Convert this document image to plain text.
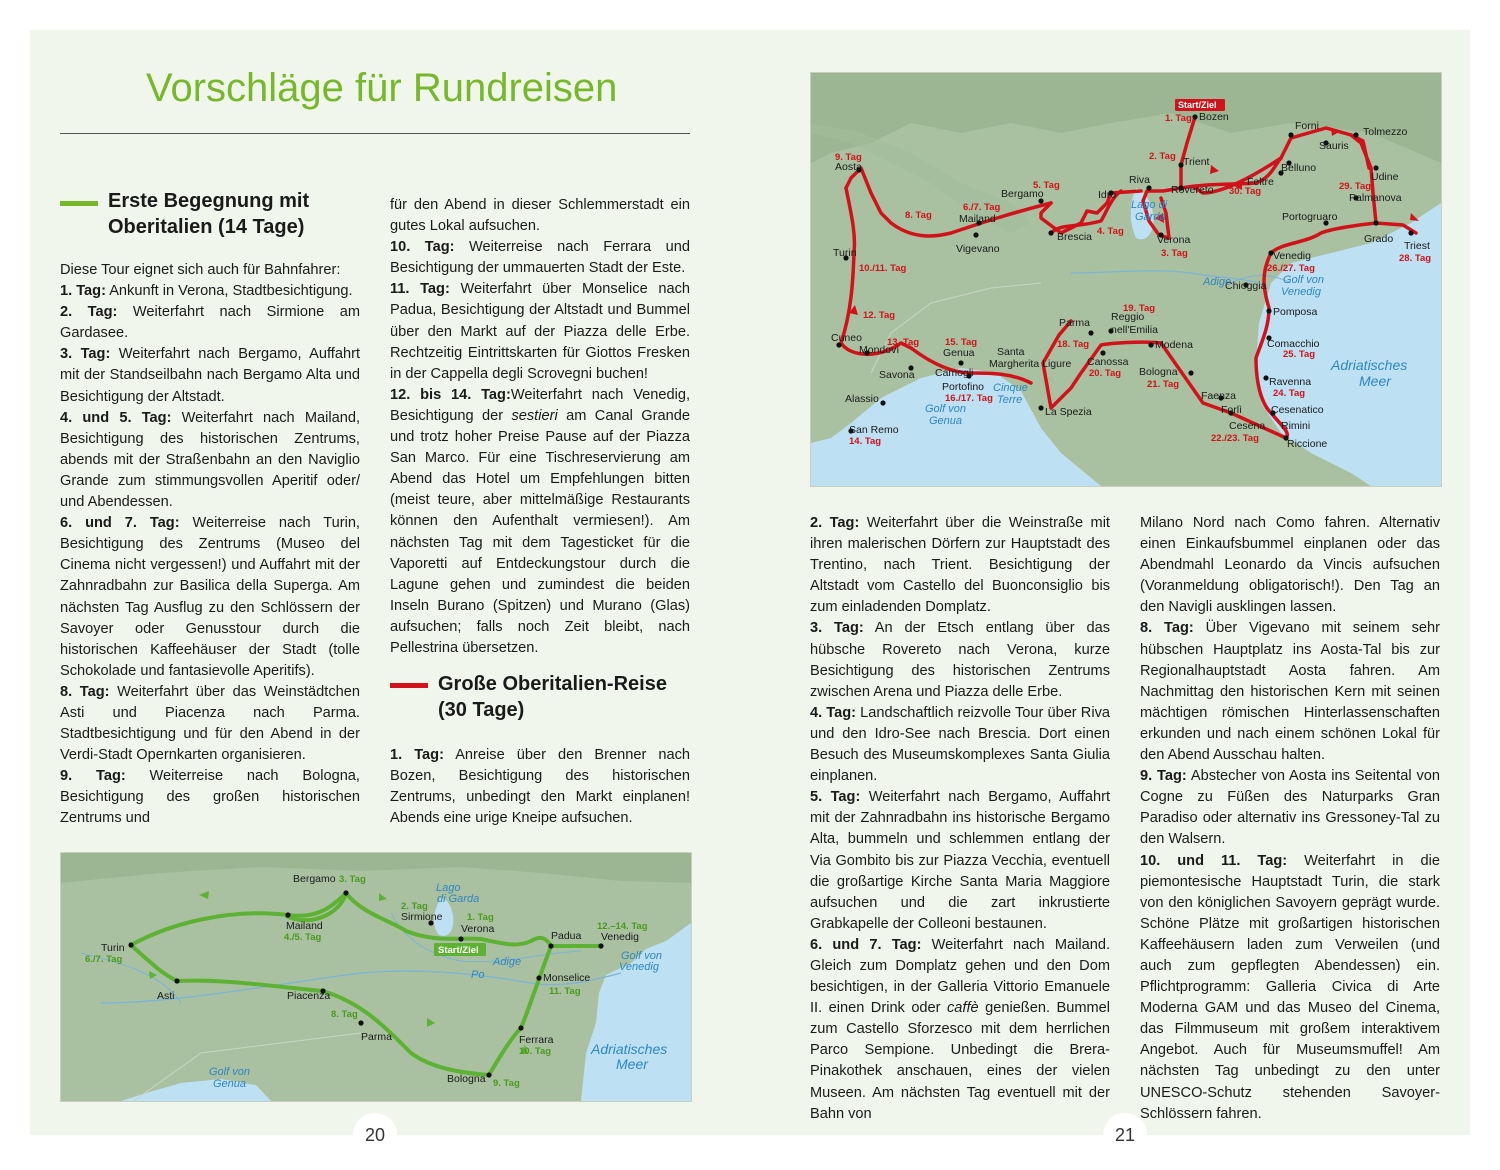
Vorschläge für Rundreisen
Erste Begegnung mit
Oberitalien (14 Tage)

Diese Tour eignet sich auch für Bahnfahrer:

1. Tag: Ankunft in Verona, Stadtbesichtigung.

2. Tag: Weiterfahrt nach Sirmione am Gardasee.

3. Tag: Weiterfahrt nach Bergamo, Auffahrt mit der Standseilbahn nach Bergamo Alta und Besichtigung der Altstadt.

4. und 5. Tag: Weiterfahrt nach Mailand, Besichtigung des historischen Zentrums, abends mit der Straßenbahn an den Naviglio Grande zum stimmungsvollen Aperitif oder/ und Abendessen.

6. und 7. Tag: Weiterreise nach Turin, Besichtigung des Zentrums (Museo del Cinema nicht vergessen!) und Auffahrt mit der Zahnradbahn zur Basilica della Superga. Am nächsten Tag Ausflug zu den Schlössern der Savoyer oder Genusstour durch die historischen Kaffeehäuser der Stadt (tolle Schokolade und fantasievolle Aperitifs).

8. Tag: Weiterfahrt über das Weinstädtchen Asti und Piacenza nach Parma. Stadtbesichtigung und für den Abend in der Verdi-Stadt Opernkarten organisieren.

9. Tag: Weiterreise nach Bologna, Besichtigung des großen historischen Zentrums und

für den Abend in dieser Schlemmerstadt ein gutes Lokal aufsuchen.

10. Tag: Weiterreise nach Ferrara und Besichtigung der ummauerten Stadt der Este.

11. Tag: Weiterfahrt über Monselice nach Padua, Besichtigung der Altstadt und Bummel über den Markt auf der Piazza delle Erbe. Rechtzeitig Eintrittskarten für Giottos Fresken in der Cappella degli Scrovegni buchen!

12. bis 14. Tag:Weiterfahrt nach Venedig, Besichtigung der sestieri am Canal Grande und trotz hoher Preise Pause auf der Piazza San Marco. Für eine Tischreservierung am Abend das Hotel um Empfehlungen bitten (meist teure, aber mittelmäßige Restaurants können den Aufenthalt vermiesen!). Am nächsten Tag mit dem Tagesticket für die Vaporetti auf Entdeckungstour durch die Lagune gehen und zumindest die beiden Inseln Burano (Spitzen) und Murano (Glas) aufsuchen; falls noch Zeit bleibt, nach Pellestrina übersetzen.

Große Oberitalien-Reise
(30 Tage)

1. Tag: Anreise über den Brenner nach Bozen, Besichtigung des historischen Zentrums, unbedingt den Markt einplanen! Abends eine urige Kneipe aufsuchen.

Turin
6./7. Tag
Asti	Piacenza
8. Tag
Parma
Bologna 9. Tag
Ferrara
10. Tag
Monselice
11. Tag
Padua Venedig
12.–14. Tag
Start/Ziel
Verona
1. Tag
Sirmione
2. Tag
Bergamo 3. Tag
Mailand
4./5. Tag
Lago
di Garda
Golf von
Venedig
Golf von
Genua
Adriatisches
Meer
Po
Adige
20
Start/Ziel
Bozen
1. Tag
Trient
2. Tag
Rovereto
Riva
Idro
Verona
3. Tag
Brescia 4. Tag
Bergamo
5. Tag
Mailand
6./7. Tag
Vigevano
Aosta
9. Tag
8. Tag
Turin
10./11. Tag
12. Tag
Cuneo
Mondovì
13. Tag
Savona
Alassio
San Remo
14. Tag
Genua
15. Tag
Camogli
Portofino
16./17. Tag
Santa
Margherita Ligure
La Spezia
18. Tag
Parma Reggio
nell'Emilia
19. Tag
Canossa
20. Tag
Modena
Bologna
21. Tag
Faenza
Forlì
Cesena
22./23. Tag
Rimini
Riccione
Cesenatico
Ravenna
24. Tag
Comacchio
25. Tag
Pomposa
Chioggia
Venedig
26./27. Tag
Portogruaro
Grado
Triest
28. Tag
Palmanova
Udine
29. Tag
Tolmezzo
Sauris
Forni
Belluno
Feltre
30. Tag
Lago di
Garda
Golf von
Venedig
Golf von
Genua
Adriatisches
Meer
Cinque
Terre
Adige

2. Tag: Weiterfahrt über die Weinstraße mit ihren malerischen Dörfern zur Hauptstadt des Trentino, nach Trient. Besichtigung der Altstadt vom Castello del Buonconsiglio bis zum einladenden Domplatz.

3. Tag: An der Etsch entlang über das hübsche Rovereto nach Verona, kurze Besichtigung des historischen Zentrums zwischen Arena und Piazza delle Erbe.

4. Tag: Landschaftlich reizvolle Tour über Riva und den Idro-See nach Brescia. Dort einen Besuch des Museumskomplexes Santa Giulia einplanen.

5. Tag: Weiterfahrt nach Bergamo, Auffahrt mit der Zahnradbahn ins historische Bergamo Alta, bummeln und schlemmen entlang der Via Gombito bis zur Piazza Vecchia, eventuell die großartige Kirche Santa Maria Maggiore aufsuchen und die zart inkrustierte Grabkapelle der Colleoni bestaunen.

6. und 7. Tag: Weiterfahrt nach Mailand. Gleich zum Domplatz gehen und den Dom besichtigen, in der Galleria Vittorio Emanuele II. einen Drink oder caffè genießen. Bummel zum Castello Sforzesco mit dem herrlichen Parco Sempione. Unbedingt die Brera-Pinakothek anschauen, eines der vielen Museen. Am nächsten Tag eventuell mit der Bahn von

Milano Nord nach Como fahren. Alternativ einen Einkaufsbummel einplanen oder das Abendmahl Leonardo da Vincis aufsuchen (Voranmeldung obligatorisch!). Den Tag an den Navigli ausklingen lassen.

8. Tag: Über Vigevano mit seinem sehr hübschen Hauptplatz ins Aosta-Tal bis zur Regionalhauptstadt Aosta fahren. Am Nachmittag den historischen Kern mit seinen mächtigen römischen Hinterlassenschaften erkunden und nach einem schönen Lokal für den Abend Ausschau halten.

9. Tag: Abstecher von Aosta ins Seitental von Cogne zu Füßen des Naturparks Gran Paradiso oder alternativ ins Gressoney-Tal zu den Walsern.

10. und 11. Tag: Weiterfahrt in die piemontesische Hauptstadt Turin, die stark von den königlichen Savoyern geprägt wurde. Schöne Plätze mit großartigen historischen Kaffeehäusern laden zum Verweilen (und auch zum gepflegten Abendessen) ein. Pflichtprogramm: Galleria Civica di Arte Moderna GAM und das Museo del Cinema, das Filmmuseum mit großem interaktivem Angebot. Auch für Museumsmuffel! Am nächsten Tag unbedingt zu den unter UNESCO-Schutz stehenden Savoyer-Schlössern fahren.

21
